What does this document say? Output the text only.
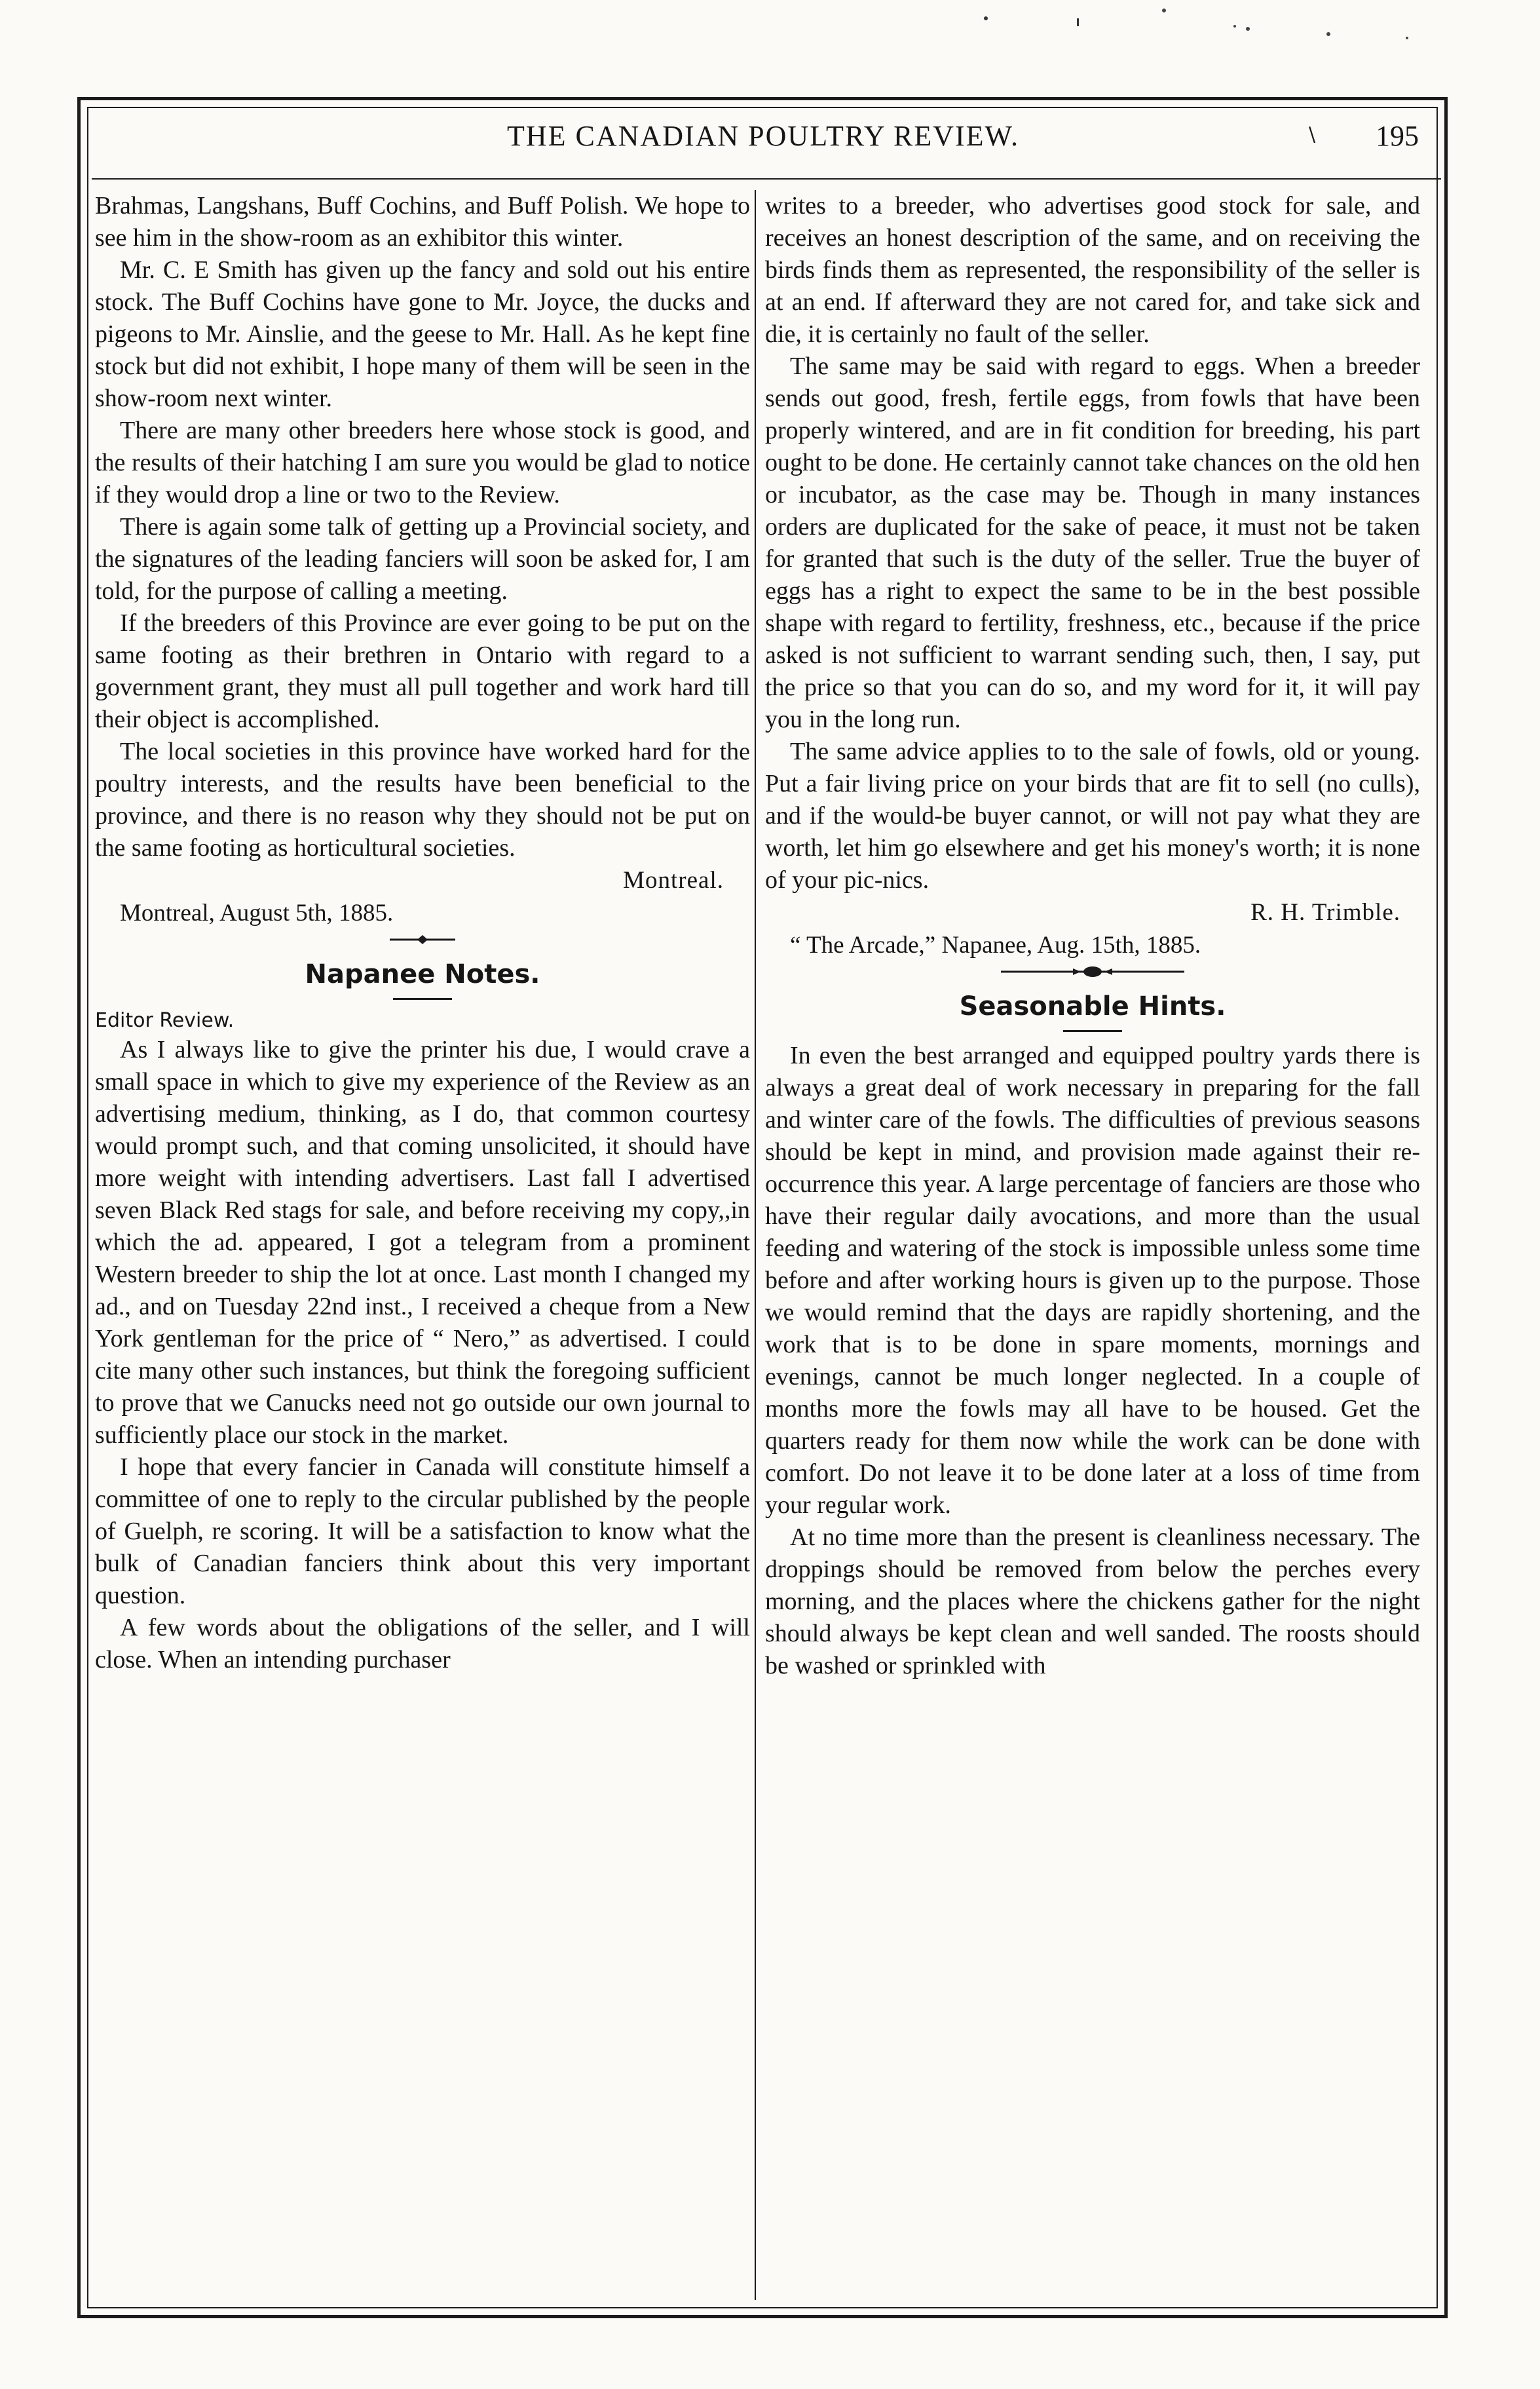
THE CANADIAN POULTRY REVIEW.	\ 195

Brahmas, Langshans, Buff Cochins, and Buff Polish. We hope to see him in the show-room as an exhibitor this winter.

Mr. C. E Smith has given up the fancy and sold out his entire stock. The Buff Cochins have gone to Mr. Joyce, the ducks and pigeons to Mr. Ainslie, and the geese to Mr. Hall. As he kept fine stock but did not exhibit, I hope many of them will be seen in the show-room next winter.

There are many other breeders here whose stock is good, and the results of their hatching I am sure you would be glad to notice if they would drop a line or two to the Review.

There is again some talk of getting up a Provincial society, and the signatures of the leading fanciers will soon be asked for, I am told, for the purpose of calling a meeting.

If the breeders of this Province are ever going to be put on the same footing as their brethren in Ontario with regard to a government grant, they must all pull together and work hard till their object is accomplished.

The local societies in this province have worked hard for the poultry interests, and the results have been beneficial to the province, and there is no reason why they should not be put on the same footing as horticultural societies.

Montreal.

Montreal, August 5th, 1885.

Napanee Notes.

Editor Review.

As I always like to give the printer his due, I would crave a small space in which to give my experience of the Review as an advertising medium, thinking, as I do, that common courtesy would prompt such, and that coming unsolicited, it should have more weight with intending advertisers. Last fall I advertised seven Black Red stags for sale, and before receiving my copy,,in which the ad. appeared, I got a telegram from a prominent Western breeder to ship the lot at once. Last month I changed my ad., and on Tuesday 22nd inst., I received a cheque from a New York gentleman for the price of “ Nero,” as advertised. I could cite many other such instances, but think the foregoing sufficient to prove that we Canucks need not go outside our own journal to sufficiently place our stock in the market.

I hope that every fancier in Canada will constitute himself a committee of one to reply to the circular published by the people of Guelph, re scoring. It will be a satisfaction to know what the bulk of Canadian fanciers think about this very important question.

A few words about the obligations of the seller, and I will close. When an intending purchaser

writes to a breeder, who advertises good stock for sale, and receives an honest description of the same, and on receiving the birds finds them as represented, the responsibility of the seller is at an end. If afterward they are not cared for, and take sick and die, it is certainly no fault of the seller.

The same may be said with regard to eggs. When a breeder sends out good, fresh, fertile eggs, from fowls that have been properly wintered, and are in fit condition for breeding, his part ought to be done. He certainly cannot take chances on the old hen or incubator, as the case may be. Though in many instances orders are duplicated for the sake of peace, it must not be taken for granted that such is the duty of the seller. True the buyer of eggs has a right to expect the same to be in the best possible shape with regard to fertility, freshness, etc., because if the price asked is not sufficient to warrant sending such, then, I say, put the price so that you can do so, and my word for it, it will pay you in the long run.

The same advice applies to to the sale of fowls, old or young. Put a fair living price on your birds that are fit to sell (no culls), and if the would-be buyer cannot, or will not pay what they are worth, let him go elsewhere and get his money's worth; it is none of your pic-nics.

R. H. Trimble.

“ The Arcade,” Napanee, Aug. 15th, 1885.

Seasonable Hints.

In even the best arranged and equipped poultry yards there is always a great deal of work necessary in preparing for the fall and winter care of the fowls. The difficulties of previous seasons should be kept in mind, and provision made against their re-occurrence this year. A large percentage of fanciers are those who have their regular daily avocations, and more than the usual feeding and watering of the stock is impossible unless some time before and after working hours is given up to the purpose. Those we would remind that the days are rapidly shortening, and the work that is to be done in spare moments, mornings and evenings, cannot be much longer neglected. In a couple of months more the fowls may all have to be housed. Get the quarters ready for them now while the work can be done with comfort. Do not leave it to be done later at a loss of time from your regular work.

At no time more than the present is cleanliness necessary. The droppings should be removed from below the perches every morning, and the places where the chickens gather for the night should always be kept clean and well sanded. The roosts should be washed or sprinkled with
